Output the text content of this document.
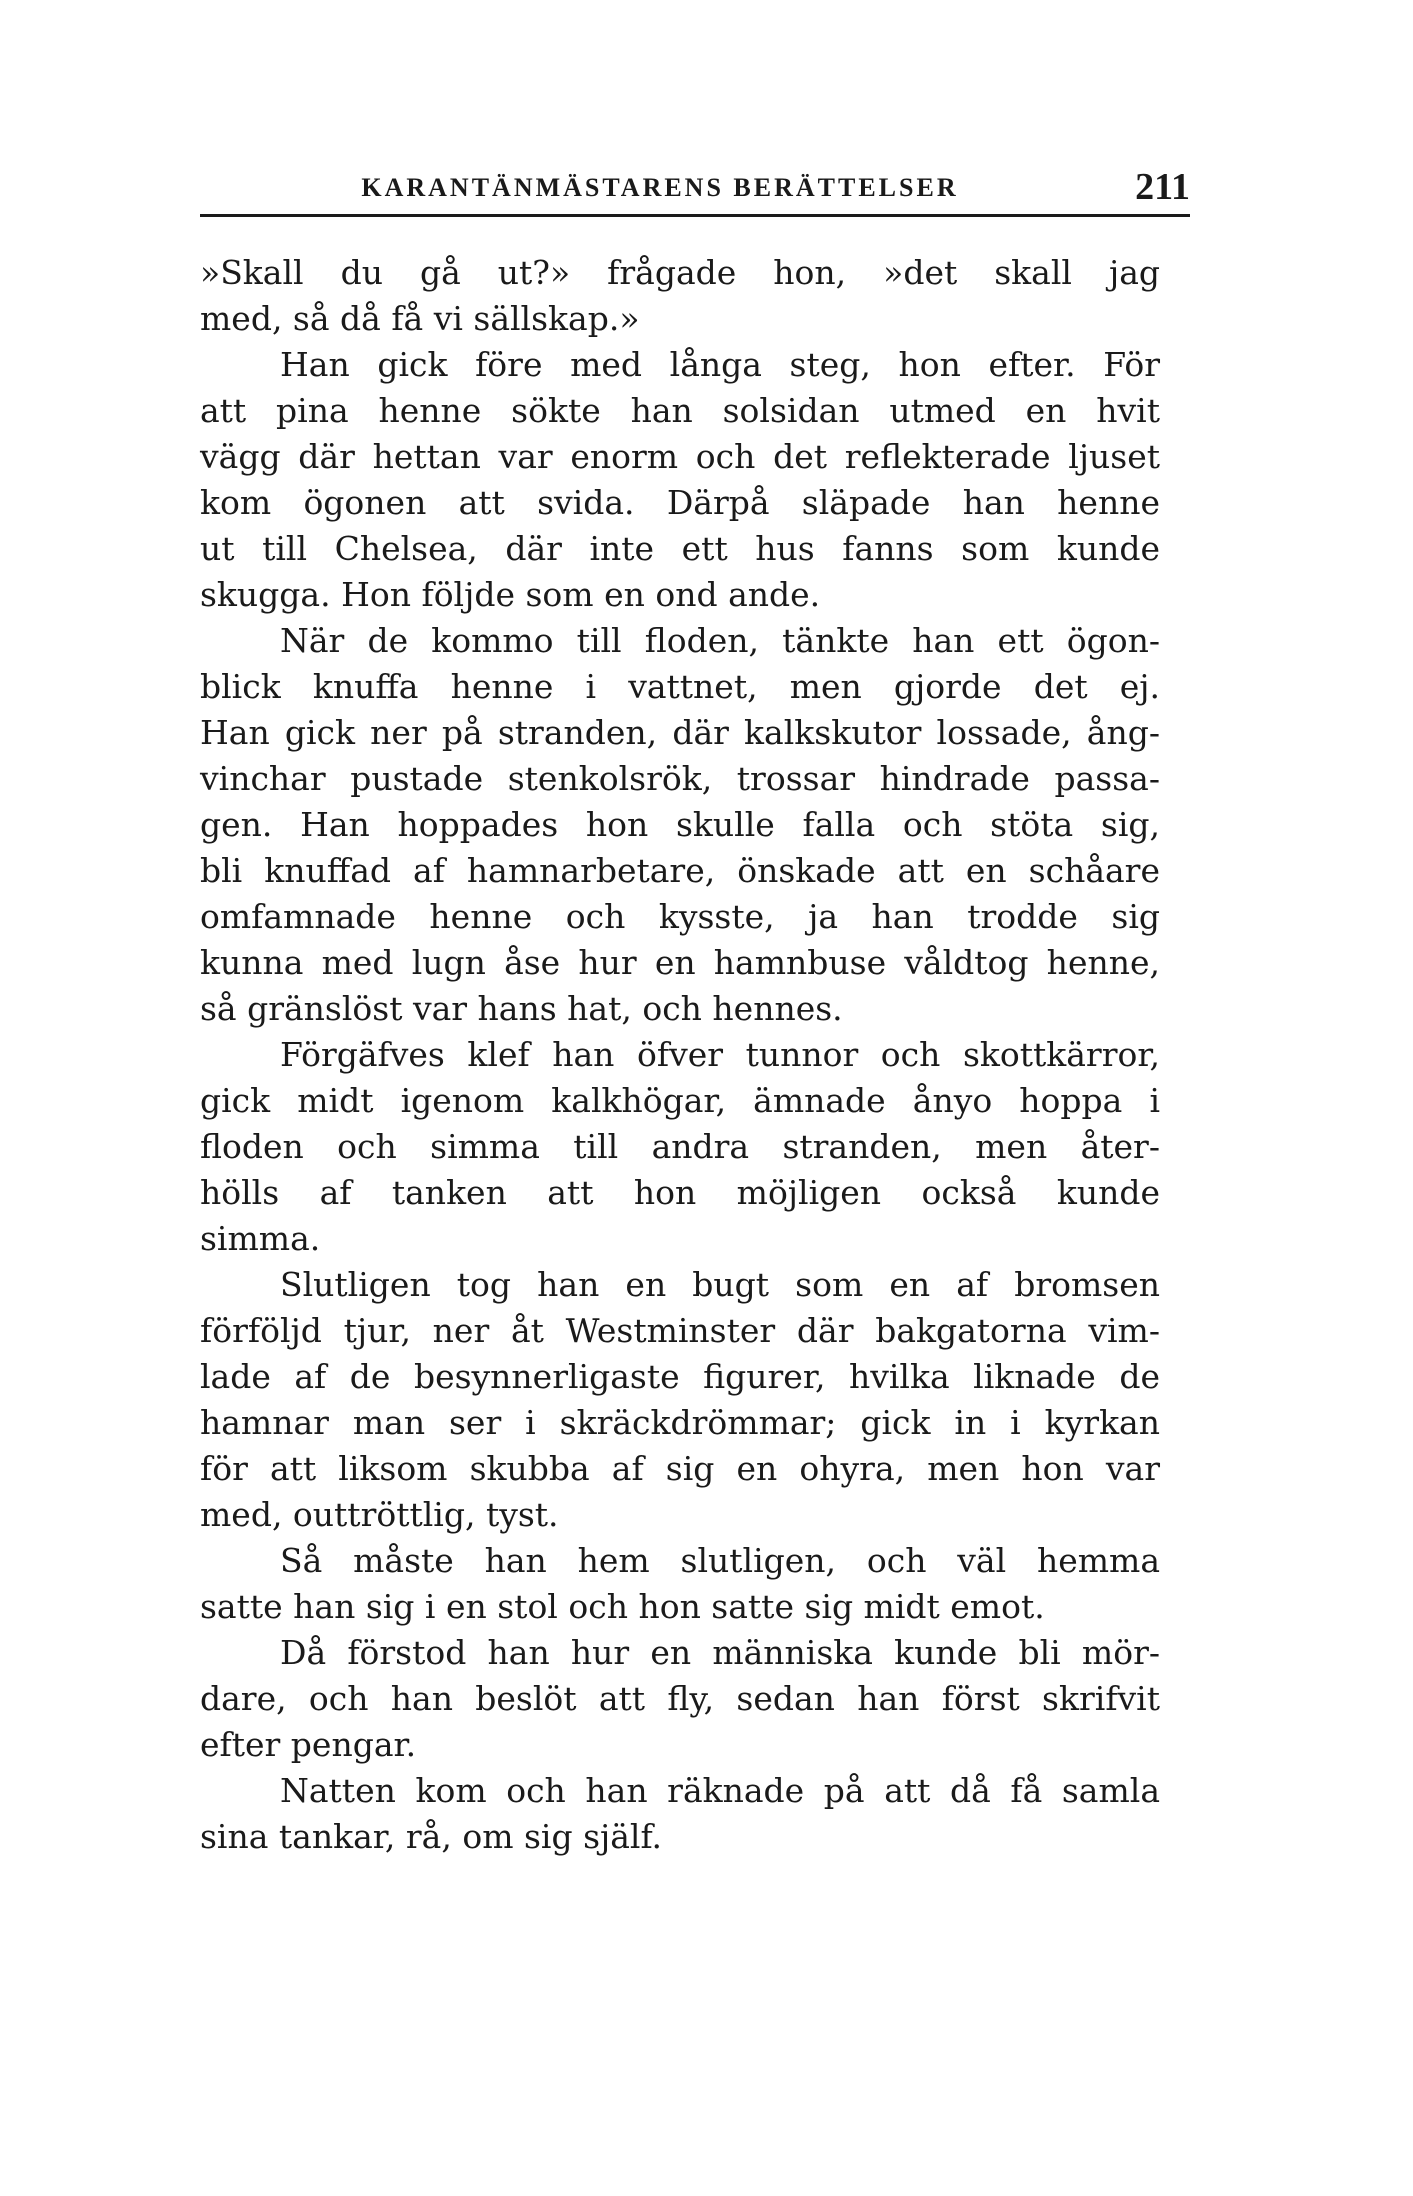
KARANTÄNMÄSTARENS BERÄTTELSER	211
»Skall du gå ut?» frågade hon, »det skall jag
med, så då få vi sällskap.»
Han gick före med långa steg, hon efter. För
att pina henne sökte han solsidan utmed en hvit
vägg där hettan var enorm och det reflekterade ljuset
kom ögonen att svida. Därpå släpade han henne
ut till Chelsea, där inte ett hus fanns som kunde
skugga. Hon följde som en ond ande.
När de kommo till floden, tänkte han ett ögon-
blick knuffa henne i vattnet, men gjorde det ej.
Han gick ner på stranden, där kalkskutor lossade, ång-
vinchar pustade stenkolsrök, trossar hindrade passa-
gen. Han hoppades hon skulle falla och stöta sig,
bli knuffad af hamnarbetare, önskade att en schåare
omfamnade henne och kysste, ja han trodde sig
kunna med lugn åse hur en hamnbuse våldtog henne,
så gränslöst var hans hat, och hennes.
Förgäfves klef han öfver tunnor och skottkärror,
gick midt igenom kalkhögar, ämnade ånyo hoppa i
floden och simma till andra stranden, men åter-
hölls af tanken att hon möjligen också kunde
simma.
Slutligen tog han en bugt som en af bromsen
förföljd tjur, ner åt Westminster där bakgatorna vim-
lade af de besynnerligaste figurer, hvilka liknade de
hamnar man ser i skräckdrömmar; gick in i kyrkan
för att liksom skubba af sig en ohyra, men hon var
med, outtröttlig, tyst.
Så måste han hem slutligen, och väl hemma
satte han sig i en stol och hon satte sig midt emot.
Då förstod han hur en människa kunde bli mör-
dare, och han beslöt att fly, sedan han först skrifvit
efter pengar.
Natten kom och han räknade på att då få samla
sina tankar, rå, om sig själf.
